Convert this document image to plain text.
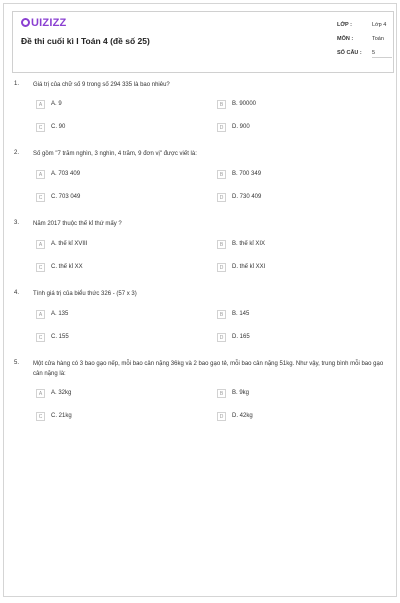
UIZIZZ
Đề thi cuối kì I Toán 4 (đề số 25)
LỚP :	Lớp 4
MÔN :	Toán
SỐ CÂU : 5
1. Giá trị của chữ số 9 trong số 294 335 là bao nhiêu?
A	A. 9	B	B. 90000
C	C. 90	D	D. 900
2. Số gồm "7 trăm nghìn, 3 nghìn, 4 trăm, 9 đơn vị" được viết là:
A	A. 703 409	B	B. 700 349
C	C. 703 049	D	D. 730 409
3. Năm 2017 thuộc thế kỉ thứ mấy ?
A	A. thế kỉ XVIII	B	B. thế kỉ XIX
C	C. thế kỉ XX	D	D. thế kỉ XXI
4. Tính giá trị của biểu thức 326 - (57 x 3)
A	A. 135	B	B. 145
C	C. 155	D	D. 165
5. Một cửa hàng có 3 bao gạo nếp, mỗi bao cân nặng 36kg và 2 bao gạo tẻ, mỗi bao cân nặng 51kg. Như vậy, trung bình mỗi bao gạo cân nặng là:
A	A. 32kg	B	B. 9kg
C	C. 21kg	D	D. 42kg
